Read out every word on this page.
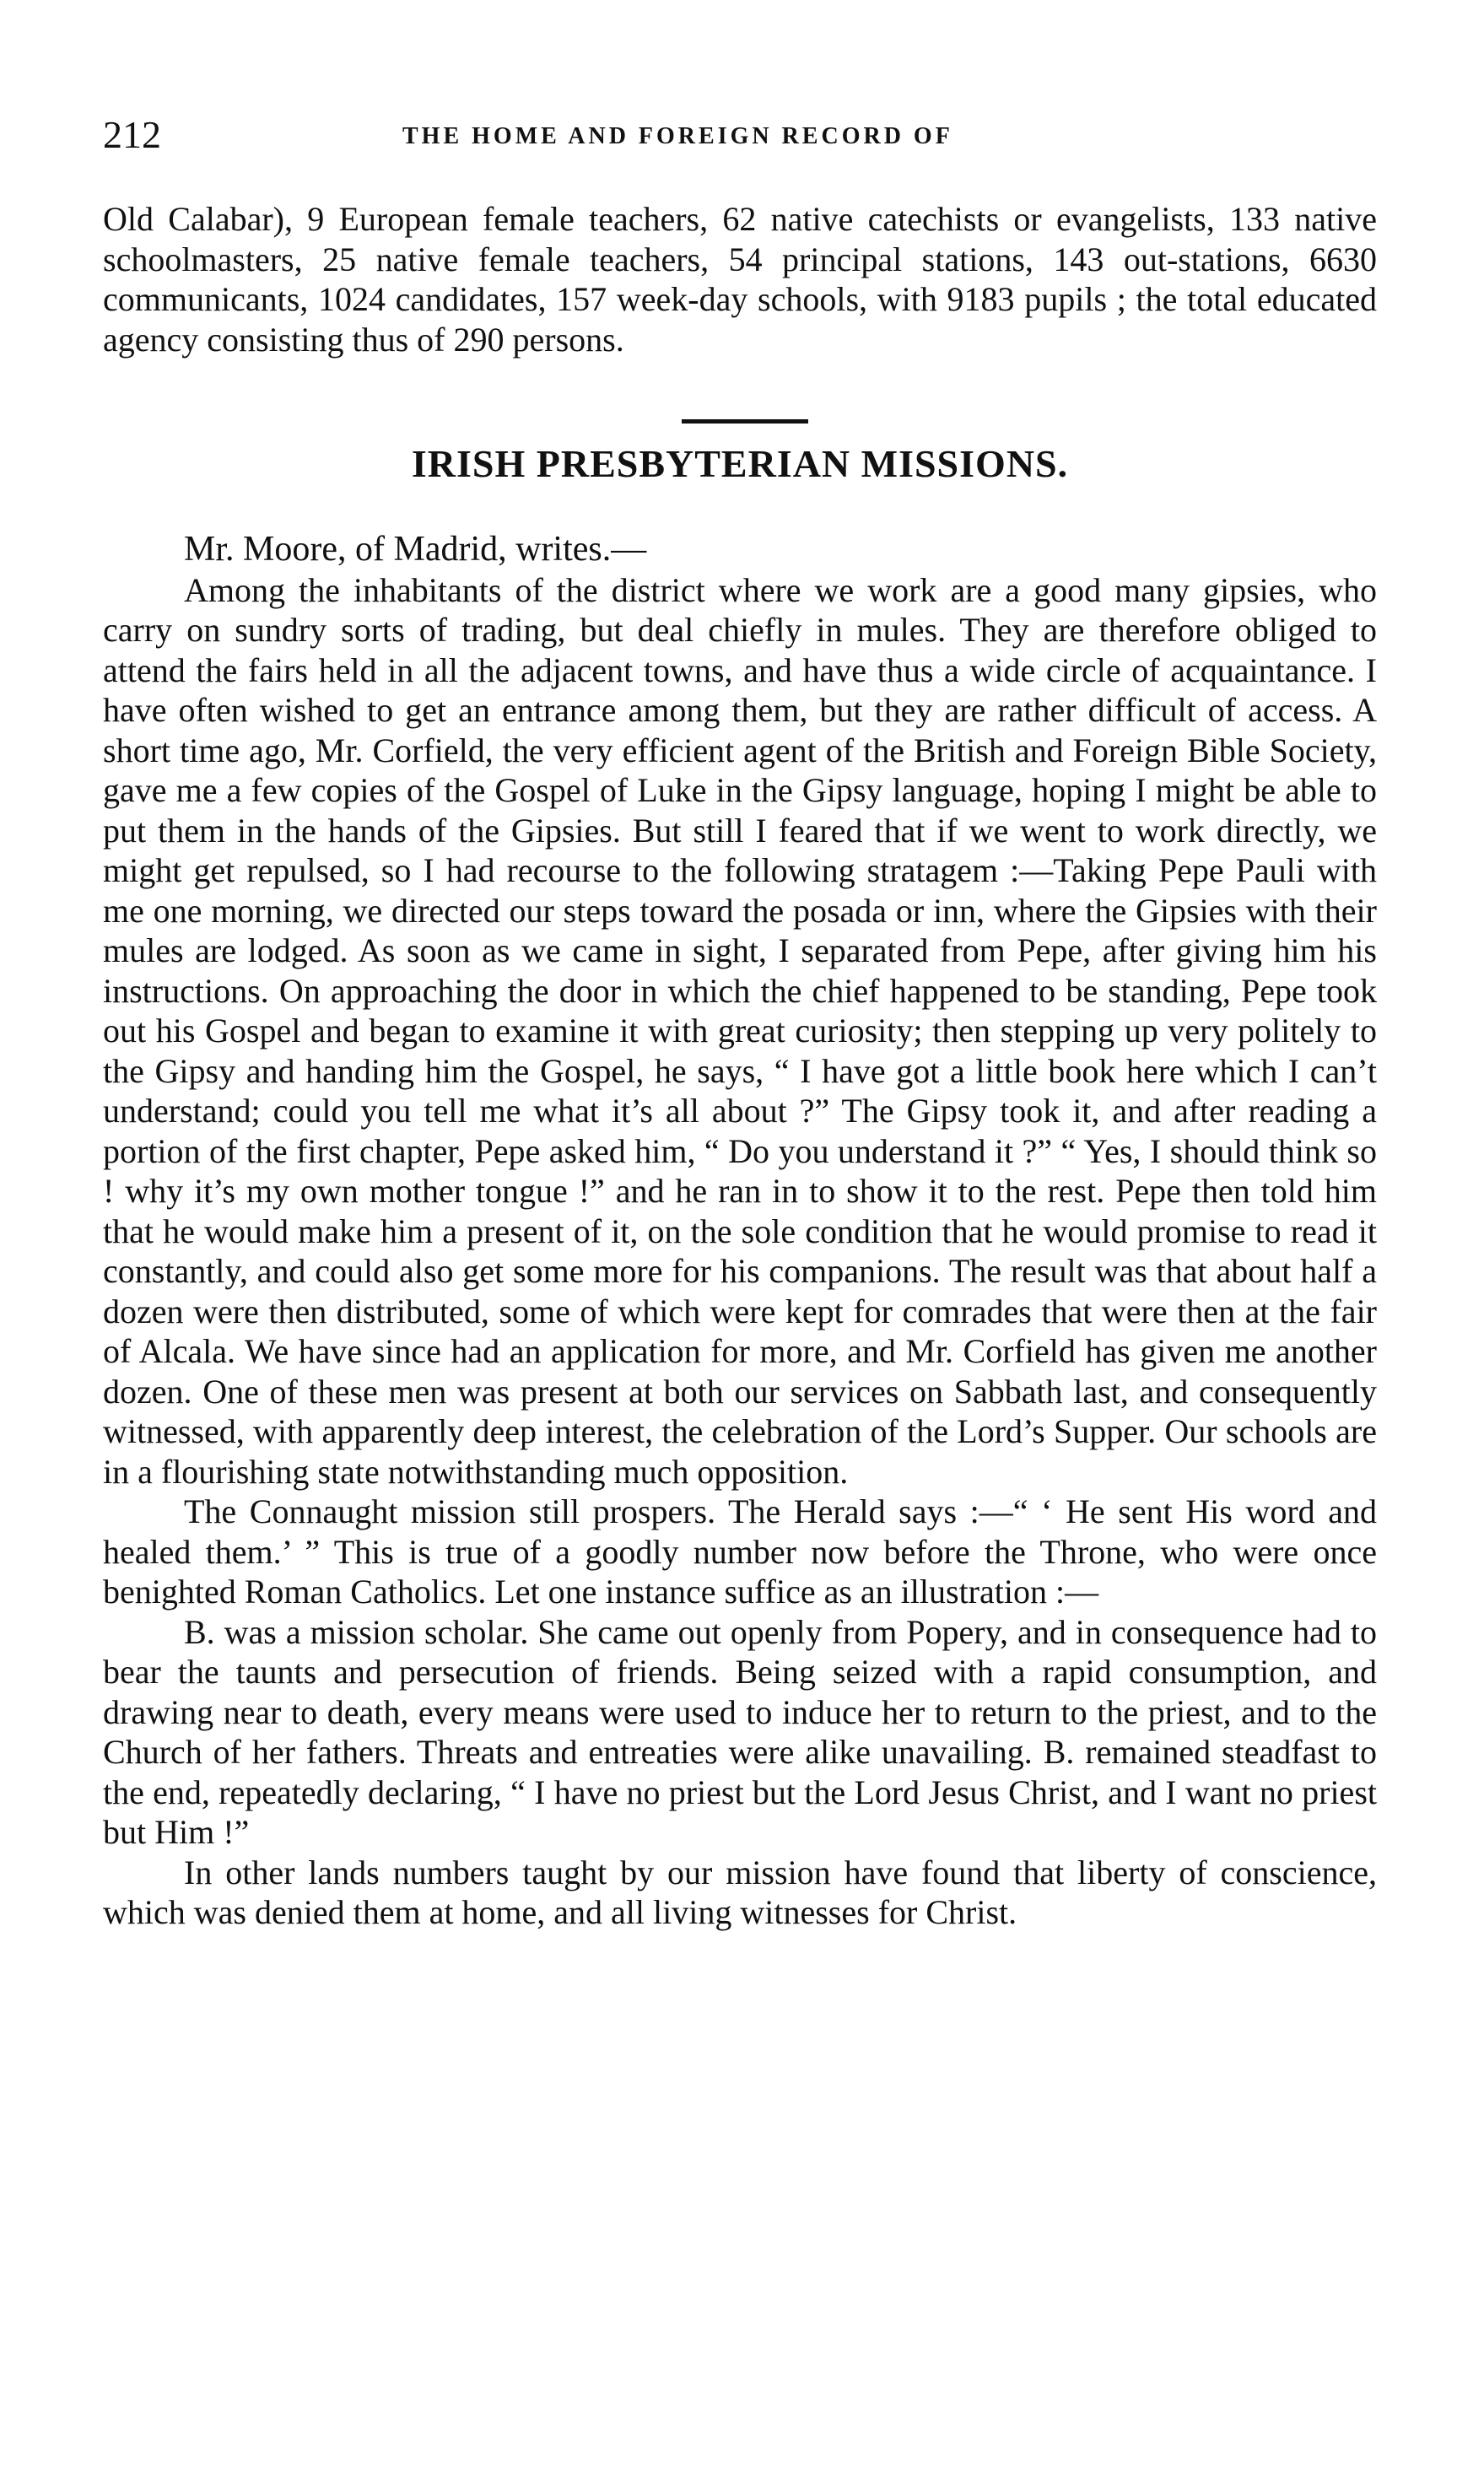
212	THE HOME AND FOREIGN RECORD OF

Old Calabar), 9 European female teachers, 62 native catechists or evangelists, 133 native schoolmasters, 25 native female teachers, 54 principal stations, 143 out-stations, 6630 communicants, 1024 candidates, 157 week-day schools, with 9183 pupils ; the total educated agency consisting thus of 290 persons.

IRISH PRESBYTERIAN MISSIONS.

Mr. Moore, of Madrid, writes.—

Among the inhabitants of the district where we work are a good many gipsies, who carry on sundry sorts of trading, but deal chiefly in mules. They are therefore obliged to attend the fairs held in all the adjacent towns, and have thus a wide circle of acquaintance. I have often wished to get an entrance among them, but they are rather difficult of access. A short time ago, Mr. Corfield, the very efficient agent of the British and Foreign Bible Society, gave me a few copies of the Gospel of Luke in the Gipsy language, hoping I might be able to put them in the hands of the Gipsies. But still I feared that if we went to work directly, we might get repulsed, so I had recourse to the following stratagem :—Taking Pepe Pauli with me one morning, we directed our steps toward the posada or inn, where the Gipsies with their mules are lodged. As soon as we came in sight, I separated from Pepe, after giving him his instructions. On approaching the door in which the chief happened to be standing, Pepe took out his Gospel and began to examine it with great curiosity; then stepping up very politely to the Gipsy and handing him the Gospel, he says, “ I have got a little book here which I can’t understand; could you tell me what it’s all about ?” The Gipsy took it, and after reading a portion of the first chapter, Pepe asked him, “ Do you understand it ?” “ Yes, I should think so ! why it’s my own mother tongue !” and he ran in to show it to the rest. Pepe then told him that he would make him a present of it, on the sole condition that he would promise to read it constantly, and could also get some more for his companions. The result was that about half a dozen were then distributed, some of which were kept for comrades that were then at the fair of Alcala. We have since had an application for more, and Mr. Corfield has given me another dozen. One of these men was present at both our services on Sabbath last, and consequently witnessed, with apparently deep interest, the celebration of the Lord’s Supper. Our schools are in a flourishing state notwithstanding much opposition.

The Connaught mission still prospers. The Herald says :—“ ‘ He sent His word and healed them.’ ” This is true of a goodly number now before the Throne, who were once benighted Roman Catholics. Let one instance suffice as an illustration :—

B. was a mission scholar. She came out openly from Popery, and in consequence had to bear the taunts and persecution of friends. Being seized with a rapid consumption, and drawing near to death, every means were used to induce her to return to the priest, and to the Church of her fathers. Threats and entreaties were alike unavailing. B. remained steadfast to the end, repeatedly declaring, “ I have no priest but the Lord Jesus Christ, and I want no priest but Him !”

In other lands numbers taught by our mission have found that liberty of conscience, which was denied them at home, and all living witnesses for Christ.
